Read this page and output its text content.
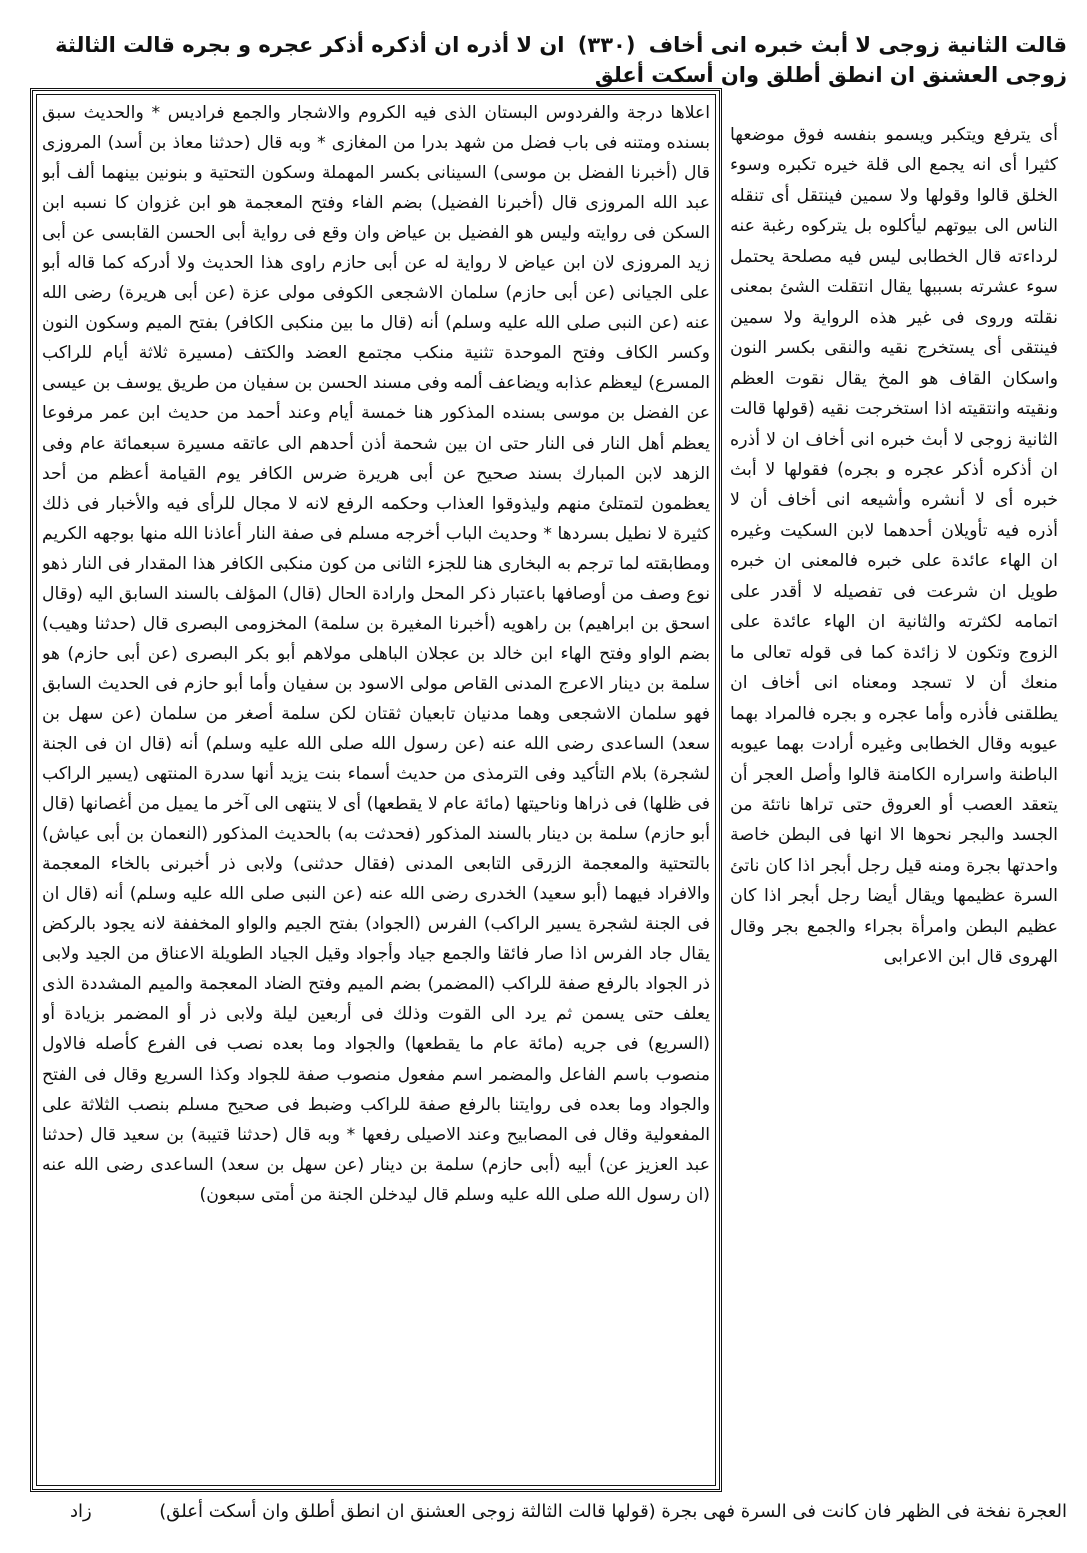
قالت الثانية زوجى لا أبث خبره انى أخاف (٣٣٠) ان لا أذره ان أذكره أذكر عجره و بجره قالت الثالثة زوجى العشنق ان انطق أطلق وان أسكت أعلق

اعلاها درجة والفردوس البستان الذى فيه الكروم والاشجار والجمع فراديس * والحديث سبق بسنده ومتنه فى باب فضل من شهد بدرا من المغازى * وبه قال (حدثنا معاذ بن أسد) المروزى قال (أخبرنا الفضل بن موسى) السينانى بكسر المهملة وسكون التحتية و بنونين بينهما ألف أبو عبد الله المروزى قال (أخبرنا الفضيل) بضم الفاء وفتح المعجمة هو ابن غزوان كا نسبه ابن السكن فى روايته وليس هو الفضيل بن عياض وان وقع فى رواية أبى الحسن القابسى عن أبى زيد المروزى لان ابن عياض لا رواية له عن أبى حازم راوى هذا الحديث ولا أدركه كما قاله أبو على الجيانى (عن أبى حازم) سلمان الاشجعى الكوفى مولى عزة (عن أبى هريرة) رضى الله عنه (عن النبى صلى الله عليه وسلم) أنه (قال ما بين منكبى الكافر) بفتح الميم وسكون النون وكسر الكاف وفتح الموحدة تثنية منكب مجتمع العضد والكتف (مسيرة ثلاثة أيام للراكب المسرع) ليعظم عذابه ويضاعف ألمه وفى مسند الحسن بن سفيان من طريق يوسف بن عيسى عن الفضل بن موسى بسنده المذكور هنا خمسة أيام وعند أحمد من حديث ابن عمر مرفوعا يعظم أهل النار فى النار حتى ان بين شحمة أذن أحدهم الى عاتقه مسيرة سبعمائة عام وفى الزهد لابن المبارك بسند صحيح عن أبى هريرة ضرس الكافر يوم القيامة أعظم من أحد يعظمون لتمتلئ منهم وليذوقوا العذاب وحكمه الرفع لانه لا مجال للرأى فيه والأخبار فى ذلك كثيرة لا نطيل بسردها * وحديث الباب أخرجه مسلم فى صفة النار أعاذنا الله منها بوجهه الكريم ومطابقته لما ترجم به البخارى هنا للجزء الثانى من كون منكبى الكافر هذا المقدار فى النار ذهو نوع وصف من أوصافها باعتبار ذكر المحل وارادة الحال (قال) المؤلف بالسند السابق اليه (وقال اسحق بن ابراهيم) بن راهويه (أخبرنا المغيرة بن سلمة) المخزومى البصرى قال (حدثنا وهيب) بضم الواو وفتح الهاء ابن خالد بن عجلان الباهلى مولاهم أبو بكر البصرى (عن أبى حازم) هو سلمة بن دينار الاعرج المدنى القاص مولى الاسود بن سفيان وأما أبو حازم فى الحديث السابق فهو سلمان الاشجعى وهما مدنيان تابعيان ثقتان لكن سلمة أصغر من سلمان (عن سهل بن سعد) الساعدى رضى الله عنه (عن رسول الله صلى الله عليه وسلم) أنه (قال ان فى الجنة لشجرة) بلام التأكيد وفى الترمذى من حديث أسماء بنت يزيد أنها سدرة المنتهى (يسير الراكب فى ظلها) فى ذراها وناحيتها (مائة عام لا يقطعها) أى لا ينتهى الى آخر ما يميل من أغصانها (قال أبو حازم) سلمة بن دينار بالسند المذكور (فحدثت به) بالحديث المذكور (النعمان بن أبى عياش) بالتحتية والمعجمة الزرقى التابعى المدنى (فقال حدثنى) ولابى ذر أخبرنى بالخاء المعجمة والافراد فيهما (أبو سعيد) الخدرى رضى الله عنه (عن النبى صلى الله عليه وسلم) أنه (قال ان فى الجنة لشجرة يسير الراكب) الفرس (الجواد) بفتح الجيم والواو المخففة لانه يجود بالركض يقال جاد الفرس اذا صار فائقا والجمع جياد وأجواد وقيل الجياد الطويلة الاعناق من الجيد ولابى ذر الجواد بالرفع صفة للراكب (المضمر) بضم الميم وفتح الضاد المعجمة والميم المشددة الذى يعلف حتى يسمن ثم يرد الى القوت وذلك فى أربعين ليلة ولابى ذر أو المضمر بزيادة أو (السريع) فى جريه (مائة عام ما يقطعها) والجواد وما بعده نصب فى الفرع كأصله فالاول منصوب باسم الفاعل والمضمر اسم مفعول منصوب صفة للجواد وكذا السريع وقال فى الفتح والجواد وما بعده فى روايتنا بالرفع صفة للراكب وضبط فى صحيح مسلم بنصب الثلاثة على المفعولية وقال فى المصابيح وعند الاصيلى رفعها * وبه قال (حدثنا قتيبة) بن سعيد قال (حدثنا عبد العزيز عن) أبيه (أبى حازم) سلمة بن دينار (عن سهل بن سعد) الساعدى رضى الله عنه (ان رسول الله صلى الله عليه وسلم قال ليدخلن الجنة من أمتى سبعون)

أى يترفع ويتكبر ويسمو بنفسه فوق موضعها كثيرا أى انه يجمع الى قلة خيره تكبره وسوء الخلق قالوا وقولها ولا سمين فينتقل أى تنقله الناس الى بيوتهم ليأكلوه بل يتركوه رغبة عنه لرداءته قال الخطابى ليس فيه مصلحة يحتمل سوء عشرته بسببها يقال انتقلت الشئ بمعنى نقلته وروى فى غير هذه الرواية ولا سمين فينتقى أى يستخرج نقيه والنقى بكسر النون واسكان القاف هو المخ يقال نقوت العظم ونقيته وانتقيته اذا استخرجت نقيه (قولها قالت الثانية زوجى لا أبث خبره انى أخاف ان لا أذره ان أذكره أذكر عجره و بجره) فقولها لا أبث خبره أى لا أنشره وأشيعه انى أخاف أن لا أذره فيه تأويلان أحدهما لابن السكيت وغيره ان الهاء عائدة على خبره فالمعنى ان خبره طويل ان شرعت فى تفصيله لا أقدر على اتمامه لكثرته والثانية ان الهاء عائدة على الزوج وتكون لا زائدة كما فى قوله تعالى ما منعك أن لا تسجد ومعناه انى أخاف ان يطلقنى فأذره وأما عجره و بجره فالمراد بهما عيوبه وقال الخطابى وغيره أرادت بهما عيوبه الباطنة واسراره الكامنة قالوا وأصل العجر أن يتعقد العصب أو العروق حتى تراها ناتئة من الجسد والبجر نحوها الا انها فى البطن خاصة واحدتها بجرة ومنه قيل رجل أبجر اذا كان ناتئ السرة عظيمها ويقال أيضا رجل أبجر اذا كان عظيم البطن وامرأة بجراء والجمع بجر وقال الهروى قال ابن الاعرابى

العجرة نفخة فى الظهر فان كانت فى السرة فهى بجرة (قولها قالت الثالثة زوجى العشنق ان انطق أطلق وان أسكت أعلق)
زاد
